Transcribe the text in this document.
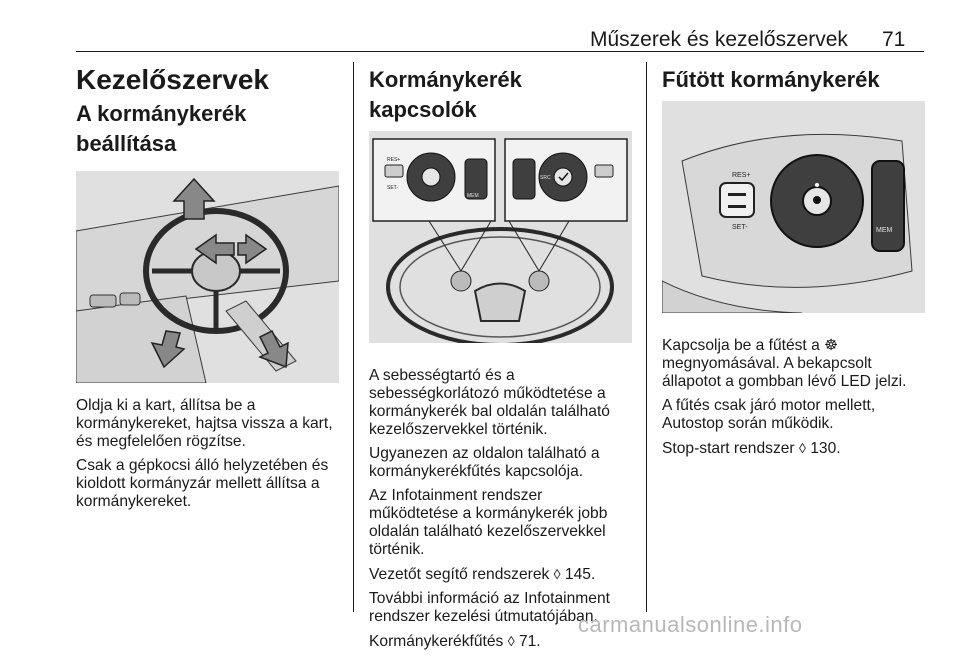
Műszerek és kezelőszervek 71
Kezelőszervek
A kormánykerék beállítása

Oldja ki a kart, állítsa be a kormánykereket, hajtsa vissza a kart, és megfelelően rögzítse.

Csak a gépkocsi álló helyzetében és kioldott kormányzár mellett állítsa a kormánykereket.

Kormánykerék kapcsolók
RES+
SET-
MEM
SRC

A sebességtartó és a sebességkorlátozó működtetése a kormánykerék bal oldalán található kezelőszervekkel történik.

Ugyanezen az oldalon található a kormánykerékfűtés kapcsolója.

Az Infotainment rendszer működtetése a kormánykerék jobb oldalán található kezelőszervekkel történik.

Vezetőt segítő rendszerek ◊ 145.

További információ az Infotainment rendszer kezelési útmutatójában.

Kormánykerékfűtés ◊ 71.

Fűtött kormánykerék
RES+
SET-	MEM

Kapcsolja be a fűtést a ☸ megnyomásával. A bekapcsolt állapotot a gombban lévő LED jelzi.

A fűtés csak járó motor mellett, Autostop során működik.

Stop-start rendszer ◊ 130.

carmanualsonline.info
